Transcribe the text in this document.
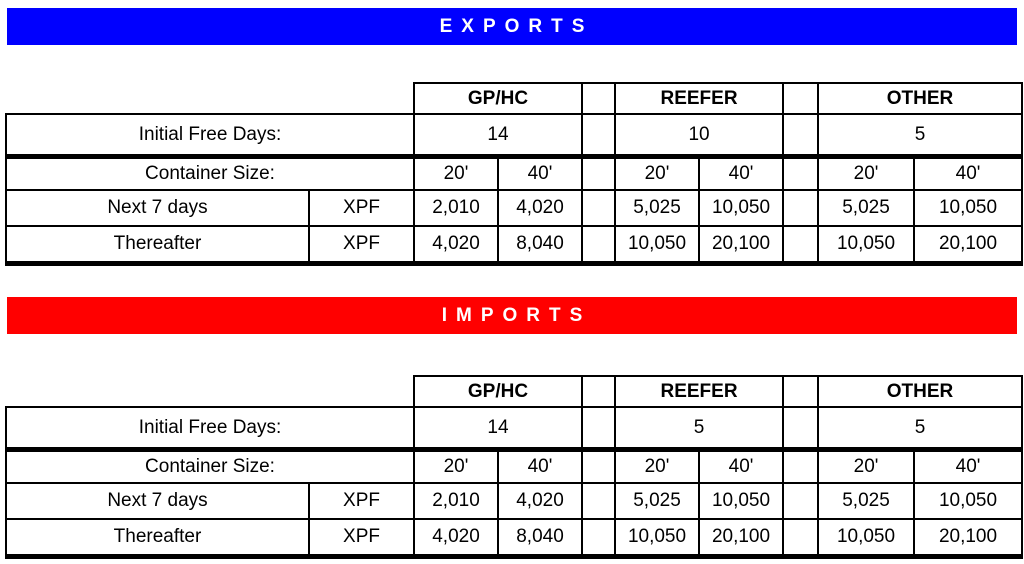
EXPORTS
		GP/HC			REEFER			OTHER	
Initial Free Days:		14			10			5	
Container Size:		20'	40'		20'	40'		20'	40'
Next 7 days	XPF	2,010	4,020		5,025	10,050		5,025	10,050
Thereafter	XPF	4,020	8,040		10,050	20,100		10,050	20,100
IMPORTS
		GP/HC			REEFER			OTHER	
Initial Free Days:		14			5			5	
Container Size:		20'	40'		20'	40'		20'	40'
Next 7 days	XPF	2,010	4,020		5,025	10,050		5,025	10,050
Thereafter	XPF	4,020	8,040		10,050	20,100		10,050	20,100
